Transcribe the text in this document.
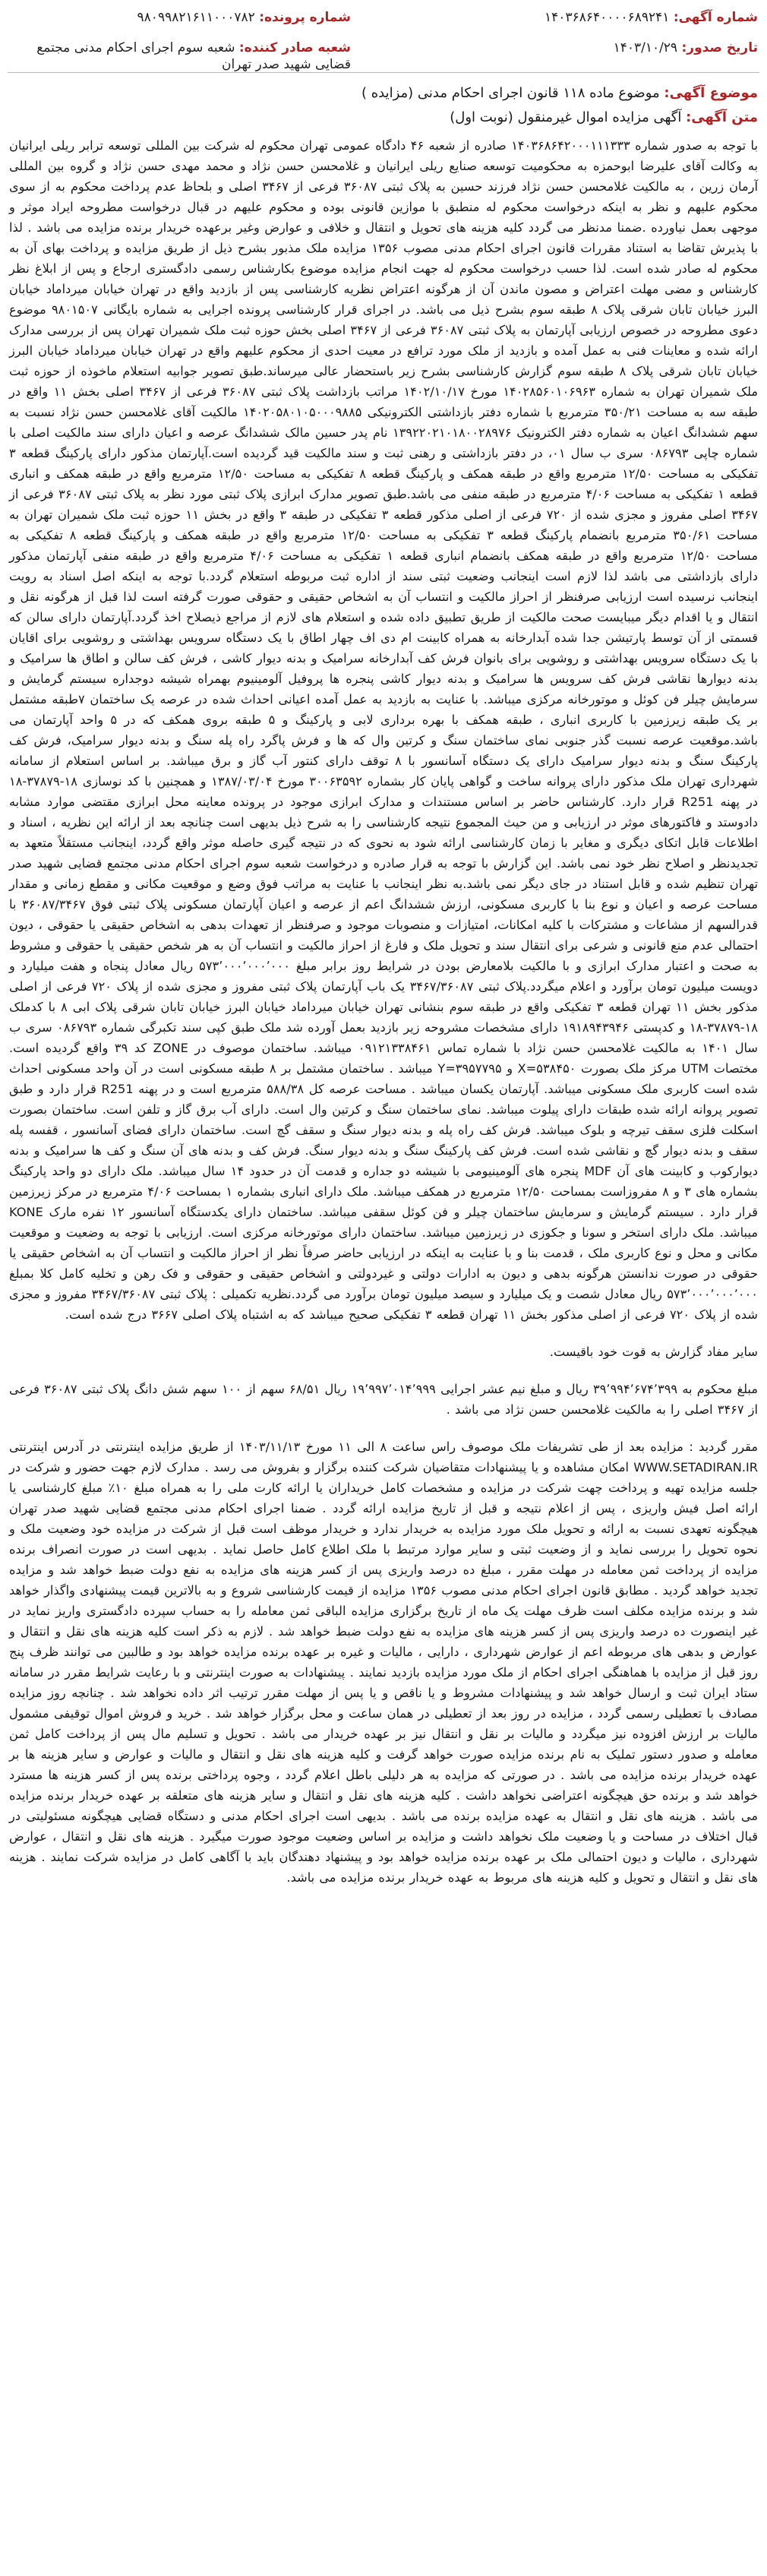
شماره آگهی: ۱۴۰۳۶۸۶۴۰۰۰۰۶۸۹۲۴۱
تاریخ صدور: ۱۴۰۳/۱۰/۲۹
شماره پرونده: ۹۸۰۹۹۸۲۱۶۱۱۰۰۰۷۸۲
شعبه صادر کننده: شعبه سوم اجرای احکام مدنی مجتمع قضایی شهید صدر تهران
موضوع آگهی: موضوع ماده ۱۱۸ قانون اجرای احکام مدنی (مزایده )
متن آگهی: آگهی مزایده اموال غیرمنقول (نوبت اول)

با توجه به صدور شماره ۱۴۰۳۶۸۶۴۲۰۰۰۱۱۱۳۳۳ صادره از شعبه ۴۶ دادگاه عمومی تهران محکوم له شرکت بین المللی توسعه ترابر ریلی ایرانیان به وکالت آقای علیرضا ابوحمزه به محکومیت توسعه صنایع ریلی ایرانیان و غلامحسن حسن نژاد و محمد مهدی حسن نژاد و گروه بین المللی آرمان زرین ، به مالکیت غلامحسن حسن نژاد فرزند حسین به پلاک ثبتی ۳۶۰۸۷ فرعی از ۳۴۶۷ اصلی و بلحاظ عدم پرداخت محکوم به از سوی محکوم علیهم و نظر به اینکه درخواست محکوم له منطبق با موازین قانونی بوده و محکوم علیهم در قبال درخواست مطروحه ایراد موثر و موجهی بعمل نیاورده .ضمنا مدنظر می گردد کلیه هزینه های تحویل و انتقال و خلافی و عوارض وغیر برعهده خریدار برنده مزایده می باشد . لذا با پذیرش تقاضا به استناد مقررات قانون اجرای احکام مدنی مصوب ۱۳۵۶ مزایده ملک مذبور بشرح ذیل از طریق مزایده و پرداخت بهای آن به محکوم له صادر شده است. لذا حسب درخواست محکوم له جهت انجام مزایده موضوع بکارشناس رسمی دادگستری ارجاع و پس از ابلاغ نظر کارشناس و مضی مهلت اعتراض و مصون ماندن آن از هرگونه اعتراض نظریه کارشناسی پس از بازدید واقع در تهران خیابان میرداماد خیابان البرز خیابان تابان شرقی پلاک ۸ طبقه سوم بشرح ذیل می باشد. در اجرای قرار کارشناسی پرونده اجرایی به شماره بایگانی ۹۸۰۱۵۰۷ موضوع دعوی مطروحه در خصوص ارزیابی آپارتمان به پلاک ثبتی ۳۶۰۸۷ فرعی از ۳۴۶۷ اصلی بخش حوزه ثبت ملک شمیران تهران پس از بررسی مدارک ارائه شده و معاینات فنی به عمل آمده و بازدید از ملک مورد ترافع در معیت احدی از محکوم علیهم واقع در تهران خیابان میرداماد خیابان البرز خیابان تابان شرقی پلاک ۸ طبقه سوم گزارش کارشناسی بشرح زیر باستحضار عالی میرساند.طبق تصویر جوابیه استعلام ماخوذه از حوزه ثبت ملک شمیران تهران به شماره ۱۴۰۲۸۵۶۰۱۰۶۹۶۳ مورخ ۱۴۰۲/۱۰/۱۷ مراتب بازداشت پلاک ثبتی ۳۶۰۸۷ فرعی از ۳۴۶۷ اصلی بخش ۱۱ واقع در طبقه سه به مساحت ۳۵۰/۲۱ مترمربع با شماره دفتر بازداشتی الکترونیکی ۱۴۰۲۰۵۸۰۱۰۵۰۰۰۹۸۸۵ مالکیت آقای غلامحسن حسن نژاد نسبت به سهم ششدانگ اعیان به شماره دفتر الکترونیک ۱۳۹۲۲۰۲۱۰۱۸۰۰۲۸۹۷۶ نام پدر حسین مالک ششدانگ عرصه و اعیان دارای سند مالکیت اصلی با شماره چاپی ۰۸۶۷۹۳ سری ب سال ۰۱، در دفتر بازداشتی و رهنی ثبت و سند مالکیت قید گردیده است.آپارتمان مذکور دارای پارکینگ قطعه ۳ تفکیکی به مساحت ۱۲/۵۰ مترمربع واقع در طبقه همکف و پارکینگ قطعه ۸ تفکیکی به مساحت ۱۲/۵۰ مترمربع واقع در طبقه همکف و انباری قطعه ۱ تفکیکی به مساحت ۴/۰۶ مترمربع در طبقه منفی می باشد.طبق تصویر مدارک ابرازی پلاک ثبتی مورد نظر به پلاک ثبتی ۳۶۰۸۷ فرعی از ۳۴۶۷ اصلی مفروز و مجزی شده از ۷۲۰ فرعی از اصلی مذکور قطعه ۳ تفکیکی در طبقه ۳ واقع در بخش ۱۱ حوزه ثبت ملک شمیران تهران به مساحت ۳۵۰/۶۱ مترمربع بانضمام پارکینگ قطعه ۳ تفکیکی به مساحت ۱۲/۵۰ مترمربع واقع در طبقه همکف و پارکینگ قطعه ۸ تفکیکی به مساحت ۱۲/۵۰ مترمربع واقع در طبقه همکف بانضمام انباری قطعه ۱ تفکیکی به مساحت ۴/۰۶ مترمربع واقع در طبقه منفی آپارتمان مذکور دارای بازداشتی می باشد لذا لازم است اینجانب وضعیت ثبتی سند از اداره ثبت مربوطه استعلام گردد.با توجه به اینکه اصل اسناد به رویت اینجانب نرسیده است ارزیابی صرفنظر از احراز مالکیت و انتساب آن به اشخاص حقیقی و حقوقی صورت گرفته است لذا قبل از هرگونه نقل و انتقال و یا اقدام دیگر میبایست صحت مالکیت از طریق تطبیق داده شده و استعلام های لازم از مراجع ذیصلاح اخذ گردد.آپارتمان دارای سالن که قسمتی از آن توسط پارتیشن جدا شده آبدارخانه به همراه کابینت ام دی اف چهار اطاق با یک دستگاه سرویس بهداشتی و روشویی برای اقایان با یک دستگاه سرویس بهداشتی و روشویی برای بانوان فرش کف آبدارخانه سرامیک و بدنه دیوار کاشی ، فرش کف سالن و اطاق ها سرامیک و بدنه دیوارها نقاشی فرش کف سرویس ها سرامیک و بدنه دیوار کاشی پنجره ها پروفیل آلومینیوم بهمراه شیشه دوجداره سیستم گرمایش و سرمایش چیلر فن کوئل و موتورخانه مرکزی میباشد. با عنایت به بازدید به عمل آمده اعیانی احداث شده در عرصه یک ساختمان ۷طبقه مشتمل بر یک طبقه زیرزمین با کاربری انباری ، طبقه همکف با بهره برداری لابی و پارکینگ و ۵ طبقه بروی همکف که در ۵ واحد آپارتمان می باشد.موقعیت عرصه نسبت گذر جنوبی نمای ساختمان سنگ و کرتین وال که ها و فرش پاگرد راه پله سنگ و بدنه دیوار سرامیک، فرش کف پارکینگ سنگ و بدنه دیوار سرامیک دارای یک دستگاه آسانسور با ۸ توقف دارای کنتور آب گاز و برق میباشد. بر اساس استعلام از سامانه شهرداری تهران ملک مذکور دارای پروانه ساخت و گواهی پایان کار بشماره ۳۰۰۶۳۵۹۲ مورخ ۱۳۸۷/۰۳/۰۴ و همچنین با کد نوسازی ۱۸-۳۷۸۷۹-۱۸ در پهنه R251 قرار دارد. کارشناس حاضر بر اساس مستندات و مدارک ابرازی موجود در پرونده معاینه محل ابرازی مقتضی موارد مشابه دادوستد و فاکتورهای موثر در ارزیابی و من حیث المجموع نتیجه کارشناسی را به شرح ذیل بدیهی است چنانچه بعد از ارائه این نظریه ، اسناد و اطلاعات قابل اتکای دیگری و مغایر با زمان کارشناسی ارائه شود به نحوی که در نتیجه گیری حاصله موثر واقع گردد، اینجانب مستقلاً متعهد به تجدیدنظر و اصلاح نظر خود نمی باشد. این گزارش با توجه به قرار صادره و درخواست شعبه سوم اجرای احکام مدنی مجتمع قضایی شهید صدر تهران تنظیم شده و قابل استناد در جای دیگر نمی باشد.به نظر اینجانب با عنایت به مراتب فوق وضع و موقعیت مکانی و مقطع زمانی و مقدار مساحت عرصه و اعیان و نوع بنا با کاربری مسکونی، ارزش ششدانگ اعم از عرصه و اعیان آپارتمان مسکونی پلاک ثبتی فوق ۳۶۰۸۷/۳۴۶۷ با قدرالسهم از مشاعات و مشترکات با کلیه امکانات، امتیازات و منصوبات موجود و صرفنظر از تعهدات بدهی به اشخاص حقیقی یا حقوقی ، دیون احتمالی عدم منع قانونی و شرعی برای انتقال سند و تحویل ملک و فارغ از احراز مالکیت و انتساب آن به هر شخص حقیقی یا حقوقی و مشروط به صحت و اعتبار مدارک ابرازی و با مالکیت بلامعارض بودن در شرایط روز برابر مبلغ ۵۷۳٬۰۰۰٬۰۰۰٬۰۰۰ ریال معادل پنجاه و هفت میلیارد و دویست میلیون تومان برآورد و اعلام میگردد.پلاک ثبتی ۳۴۶۷/۳۶۰۸۷ یک باب آپارتمان پلاک ثبتی مفروز و مجزی شده از پلاک ۷۲۰ فرعی از اصلی مذکور بخش ۱۱ تهران قطعه ۳ تفکیکی واقع در طبقه سوم بنشانی تهران خیابان میرداماد خیابان البرز خیابان تابان شرقی پلاک ابی ۸ با کدملک ۱۸-۳۷۸۷۹-۱۸ و کدپستی ۱۹۱۸۹۴۳۹۴۶ دارای مشخصات مشروحه زیر بازدید بعمل آورده شد ملک طبق کپی سند تکبرگی شماره ۰۸۶۷۹۳ سری ب سال ۱۴۰۱ به مالکیت غلامحسن حسن نژاد با شماره تماس ۰۹۱۲۱۳۳۸۴۶۱ میباشد. ساختمان موصوف در ZONE کد ۳۹ واقع گردیده است. مختصات UTM مرکز ملک بصورت X=۵۳۸۴۵۰ و Y=۳۹۵۷۷۹۵ میباشد . ساختمان مشتمل بر ۸ طبقه مسکونی است در آن واحد مسکونی احداث شده است کاربری ملک مسکونی میباشد. آپارتمان یکسان میباشد . مساحت عرصه کل ۵۸۸/۳۸ مترمربع است و در پهنه R251 قرار دارد و طبق تصویر پروانه ارائه شده طبقات دارای پیلوت میباشد. نمای ساختمان سنگ و کرتین وال است. دارای آب برق گاز و تلفن است. ساختمان بصورت اسکلت فلزی سقف تیرچه و بلوک میباشد. فرش کف راه پله و بدنه دیوار سنگ و سقف گچ است. ساختمان دارای فضای آسانسور ، قفسه پله سقف و بدنه دیوار گچ و نقاشی شده است. فرش کف پارکینگ سنگ و بدنه دیوار سنگ. فرش کف و بدنه های آن سنگ و کف ها سرامیک و بدنه دیوارکوب و کابینت های آن MDF پنجره های آلومینیومی با شیشه دو جداره و قدمت آن در حدود ۱۴ سال میباشد. ملک دارای دو واحد پارکینگ بشماره های ۳ و ۸ مفروزاست بمساحت ۱۲/۵۰ مترمربع در همکف میباشد. ملک دارای انباری بشماره ۱ بمساحت ۴/۰۶ مترمربع در مرکز زیرزمین قرار دارد . سیستم گرمایش و سرمایش ساختمان چیلر و فن کوئل سقفی میباشد. ساختمان دارای یکدستگاه آسانسور ۱۲ نفره مارک KONE میباشد. ملک دارای استخر و سونا و جکوزی در زیرزمین میباشد. ساختمان دارای موتورخانه مرکزی است. ارزیابی با توجه به وضعیت و موقعیت مکانی و محل و نوع کاربری ملک ، قدمت بنا و با عنایت به اینکه در ارزیابی حاضر صرفاً نظر از احراز مالکیت و انتساب آن به اشخاص حقیقی یا حقوقی در صورت ندانستن هرگونه بدهی و دیون به ادارات دولتی و غیردولتی و اشخاص حقیقی و حقوقی و فک رهن و تخلیه کامل کلا بمبلغ ۵۷۳٬۰۰۰٬۰۰۰٬۰۰۰ ریال معادل شصت و یک میلیارد و سیصد میلیون تومان برآورد می گردد.نظریه تکمیلی : پلاک ثبتی ۳۴۶۷/۳۶۰۸۷ مفروز و مجزی شده از پلاک ۷۲۰ فرعی از اصلی مذکور بخش ۱۱ تهران قطعه ۳ تفکیکی صحیح میباشد که به اشتباه پلاک اصلی ۳۶۶۷ درج شده است.

سایر مفاد گزارش به قوت خود باقیست.

مبلغ محکوم به ۳۹٬۹۹۴٬۶۷۴٬۳۹۹ ریال و مبلغ نیم عشر اجرایی ۱۹٬۹۹۷٬۰۱۴٬۹۹۹ ریال ۶۸/۵۱ سهم از ۱۰۰ سهم شش دانگ پلاک ثبتی ۳۶۰۸۷ فرعی از ۳۴۶۷ اصلی را به مالکیت غلامحسن حسن نژاد می باشد .

مقرر گردید : مزایده بعد از طی تشریفات ملک موصوف راس ساعت ۸ الی ۱۱ مورخ ۱۴۰۳/۱۱/۱۳ از طریق مزایده اینترنتی در آدرس اینترنتی WWW.SETADIRAN.IR امکان مشاهده و یا پیشنهادات متقاضیان شرکت کننده برگزار و بفروش می رسد . مدارک لازم جهت حضور و شرکت در جلسه مزایده تهیه و پرداخت چهت شرکت در مزایده و مشخصات کامل خریداران یا ارائه کارت ملی را به همراه مبلغ ۱۰٪ مبلغ کارشناسی یا ارائه اصل فیش واریزی ، پس از اعلام نتیجه و قبل از تاریخ مزایده ارائه گردد . ضمنا اجرای احکام مدنی مجتمع قضایی شهید صدر تهران هیچگونه تعهدی نسبت به ارائه و تحویل ملک مورد مزایده به خریدار ندارد و خریدار موظف است قبل از شرکت در مزایده خود وضعیت ملک و نحوه تحویل را بررسی نماید و از وضعیت ثبتی و سایر موارد مرتبط با ملک اطلاع کامل حاصل نماید . بدیهی است در صورت انصراف برنده مزایده از پرداخت ثمن معامله در مهلت مقرر ، مبلغ ده درصد واریزی پس از کسر هزینه های مزایده به نفع دولت ضبط خواهد شد و مزایده تجدید خواهد گردید . مطابق قانون اجرای احکام مدنی مصوب ۱۳۵۶ مزایده از قیمت کارشناسی شروع و به بالاترین قیمت پیشنهادی واگذار خواهد شد و برنده مزایده مکلف است ظرف مهلت یک ماه از تاریخ برگزاری مزایده الباقی ثمن معامله را به حساب سپرده دادگستری واریز نماید در غیر اینصورت ده درصد واریزی پس از کسر هزینه های مزایده به نفع دولت ضبط خواهد شد . لازم به ذکر است کلیه هزینه های نقل و انتقال و عوارض و بدهی های مربوطه اعم از عوارض شهرداری ، دارایی ، مالیات و غیره بر عهده برنده مزایده خواهد بود و طالبین می توانند ظرف پنج روز قبل از مزایده با هماهنگی اجرای احکام از ملک مورد مزایده بازدید نمایند . پیشنهادات به صورت اینترنتی و با رعایت شرایط مقرر در سامانه ستاد ایران ثبت و ارسال خواهد شد و پیشنهادات مشروط و یا ناقص و یا پس از مهلت مقرر ترتیب اثر داده نخواهد شد . چنانچه روز مزایده مصادف با تعطیلی رسمی گردد ، مزایده در روز بعد از تعطیلی در همان ساعت و محل برگزار خواهد شد . خرید و فروش اموال توقیفی مشمول مالیات بر ارزش افزوده نیز میگردد و مالیات بر نقل و انتقال نیز بر عهده خریدار می باشد . تحویل و تسلیم مال پس از پرداخت کامل ثمن معامله و صدور دستور تملیک به نام برنده مزایده صورت خواهد گرفت و کلیه هزینه های نقل و انتقال و مالیات و عوارض و سایر هزینه ها بر عهده خریدار برنده مزایده می باشد . در صورتی که مزایده به هر دلیلی باطل اعلام گردد ، وجوه پرداختی برنده پس از کسر هزینه ها مسترد خواهد شد و برنده حق هیچگونه اعتراضی نخواهد داشت . کلیه هزینه های نقل و انتقال و سایر هزینه های متعلقه بر عهده خریدار برنده مزایده می باشد . هزینه های نقل و انتقال به عهده مزایده برنده می باشد . بدیهی است اجرای احکام مدنی و دستگاه قضایی هیچگونه مسئولیتی در قبال اختلاف در مساحت و یا وضعیت ملک نخواهد داشت و مزایده بر اساس وضعیت موجود صورت میگیرد . هزینه های نقل و انتقال ، عوارض شهرداری ، مالیات و دیون احتمالی ملک بر عهده برنده مزایده خواهد بود و پیشنهاد دهندگان باید با آگاهی کامل در مزایده شرکت نمایند . هزینه های نقل و انتقال و تحویل و کلیه هزینه های مربوط به عهده خریدار برنده مزایده می باشد.
